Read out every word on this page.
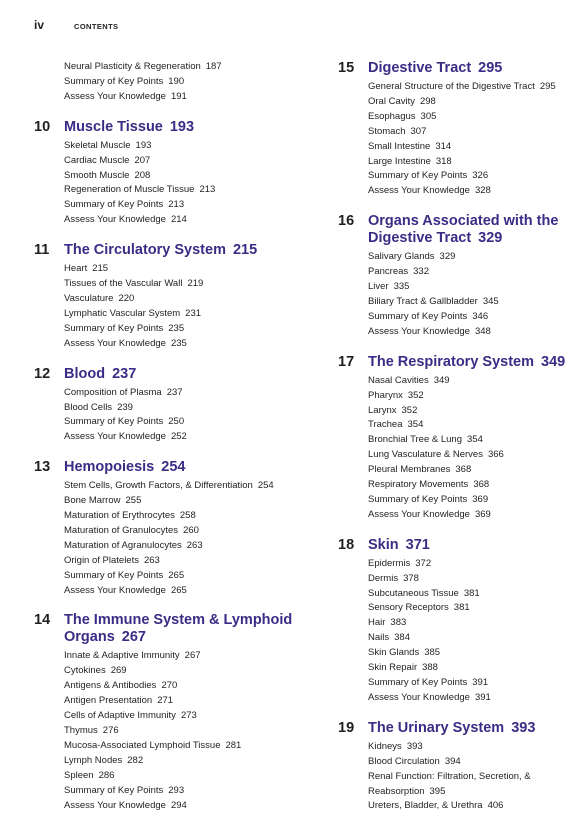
iv	CONTENTS
Neural Plasticity & Regeneration 187
Summary of Key Points 190
Assess Your Knowledge 191
10 Muscle Tissue 193
Skeletal Muscle 193
Cardiac Muscle 207
Smooth Muscle 208
Regeneration of Muscle Tissue 213
Summary of Key Points 213
Assess Your Knowledge 214
11	The Circulatory System 215
Heart 215
Tissues of the Vascular Wall 219
Vasculature 220
Lymphatic Vascular System 231
Summary of Key Points 235
Assess Your Knowledge 235
12 Blood 237
Composition of Plasma 237
Blood Cells 239
Summary of Key Points 250
Assess Your Knowledge 252
13 Hemopoiesis 254
Stem Cells, Growth Factors, & Differentiation 254
Bone Marrow 255
Maturation of Erythrocytes 258
Maturation of Granulocytes 260
Maturation of Agranulocytes 263
Origin of Platelets 263
Summary of Key Points 265
Assess Your Knowledge 265
14 The Immune System & Lymphoid Organs 267
Innate & Adaptive Immunity 267
Cytokines 269
Antigens & Antibodies 270
Antigen Presentation 271
Cells of Adaptive Immunity 273
Thymus 276
Mucosa-Associated Lymphoid Tissue 281
Lymph Nodes 282
Spleen 286
Summary of Key Points 293
Assess Your Knowledge 294
15 Digestive Tract 295
General Structure of the Digestive Tract 295
Oral Cavity 298
Esophagus 305
Stomach 307
Small Intestine 314
Large Intestine 318
Summary of Key Points 326
Assess Your Knowledge 328
16 Organs Associated with the Digestive Tract 329
Salivary Glands 329
Pancreas 332
Liver 335
Biliary Tract & Gallbladder 345
Summary of Key Points 346
Assess Your Knowledge 348
17 The Respiratory System 349
Nasal Cavities 349
Pharynx 352
Larynx 352
Trachea 354
Bronchial Tree & Lung 354
Lung Vasculature & Nerves 366
Pleural Membranes 368
Respiratory Movements 368
Summary of Key Points 369
Assess Your Knowledge 369
18 Skin 371
Epidermis 372
Dermis 378
Subcutaneous Tissue 381
Sensory Receptors 381
Hair 383
Nails 384
Skin Glands 385
Skin Repair 388
Summary of Key Points 391
Assess Your Knowledge 391
19 The Urinary System 393
Kidneys 393
Blood Circulation 394
Renal Function: Filtration, Secretion, & Reabsorption 395
Ureters, Bladder, & Urethra 406
